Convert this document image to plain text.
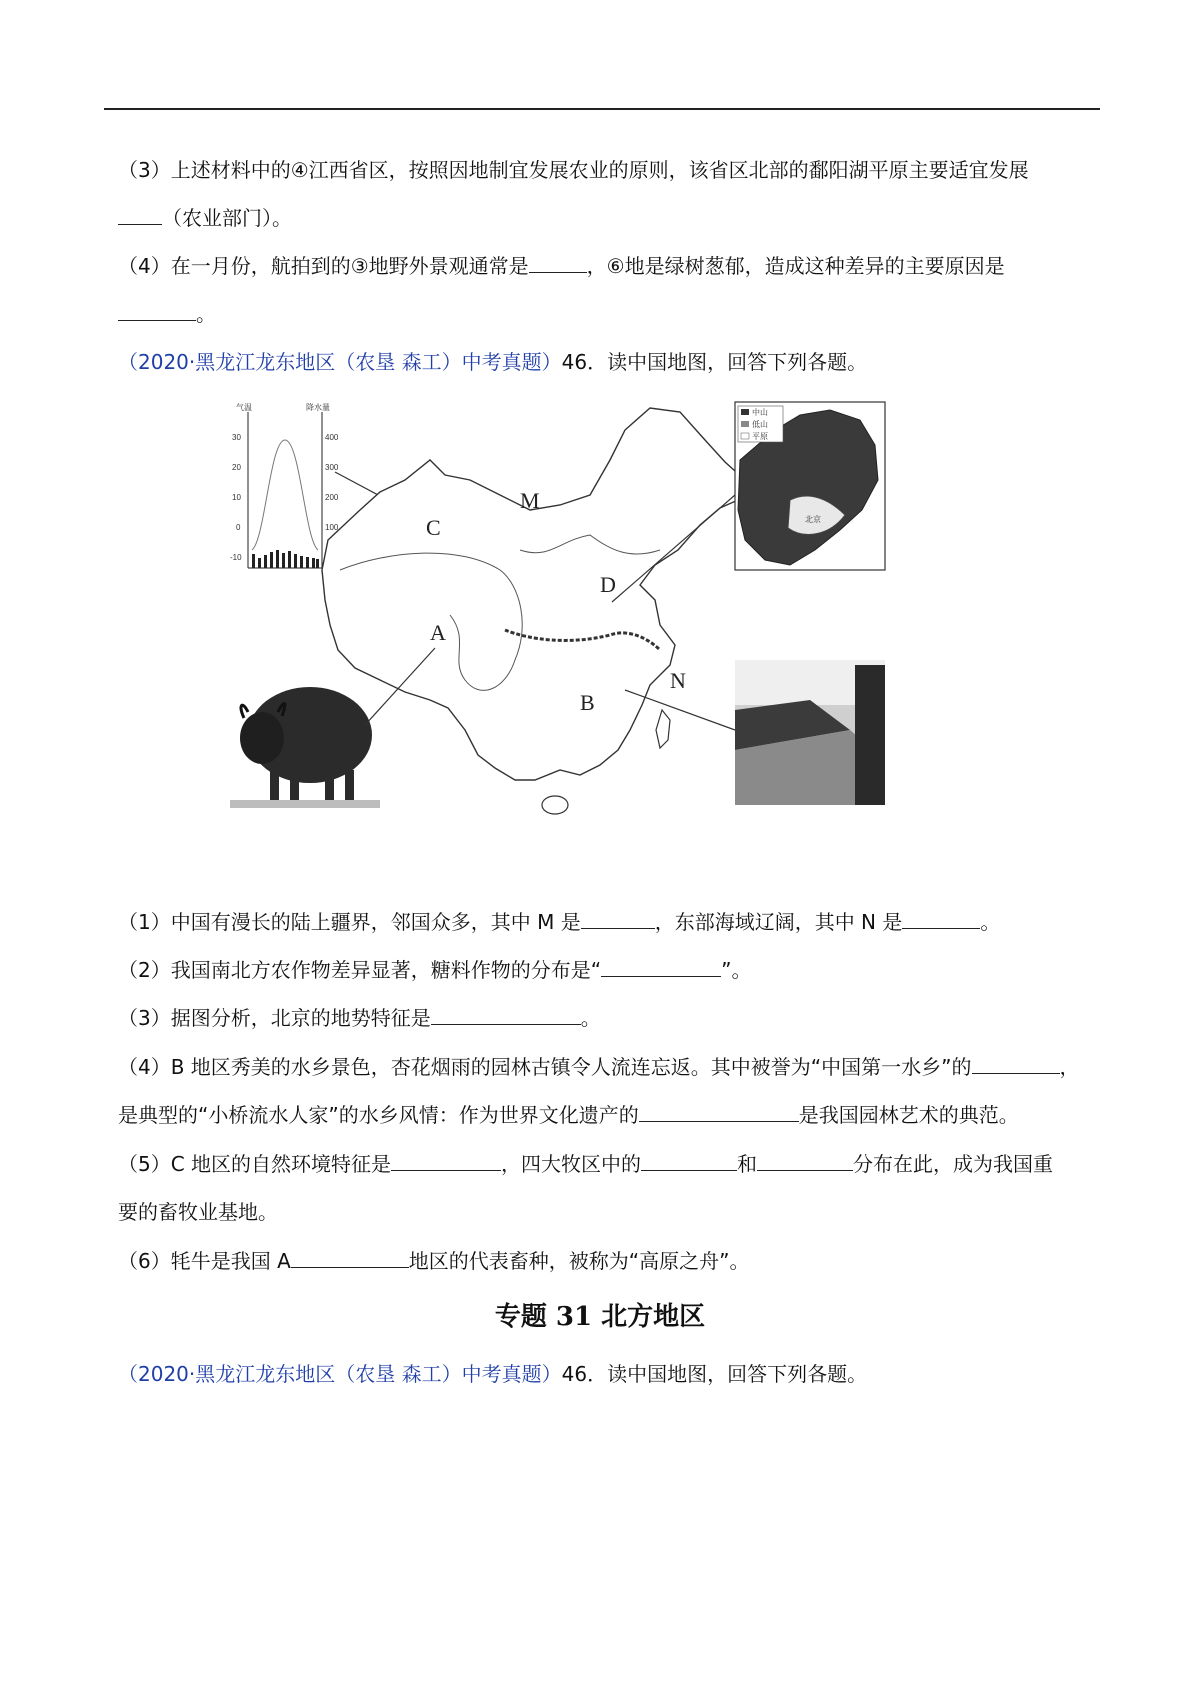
（3）上述材料中的④江西省区，按照因地制宜发展农业的原则，该省区北部的鄱阳湖平原主要适宜发展
（农业部门）。
（4）在一月份，航拍到的③地野外景观通常是	，⑥地是绿树葱郁，造成这种差异的主要原因是
。
（2020·黑龙江龙东地区（农垦 森工）中考真题）46．读中国地图，回答下列各题。
气温	降水量
30
20
10
0
-10
400
300
200
100
M
C
D
A
B
N
北京
中山
低山
平原
（1）中国有漫长的陆上疆界，邻国众多，其中 M 是	，东部海域辽阔，其中 N 是	。
（2）我国南北方农作物差异显著，糖料作物的分布是“	”。
（3）据图分析，北京的地势特征是	。
（4）B 地区秀美的水乡景色，杏花烟雨的园林古镇令人流连忘返。其中被誉为“中国第一水乡”的	，
是典型的“小桥流水人家”的水乡风情：作为世界文化遗产的	是我国园林艺术的典范。
（5）C 地区的自然环境特征是	，四大牧区中的	和	分布在此，成为我国重
要的畜牧业基地。
（6）牦牛是我国 A	地区的代表畜种，被称为“高原之舟”。
专题 31 北方地区
（2020·黑龙江龙东地区（农垦 森工）中考真题）46．读中国地图，回答下列各题。
